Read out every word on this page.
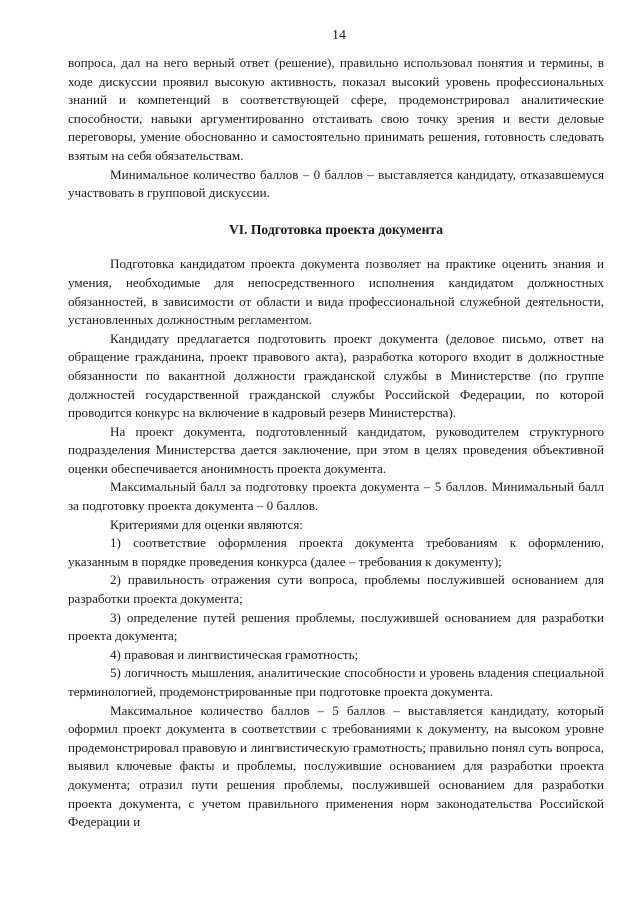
14

вопроса, дал на него верный ответ (решение), правильно использовал понятия и термины, в ходе дискуссии проявил высокую активность, показал высокий уровень профессиональных знаний и компетенций в соответствующей сфере, продемонстрировал аналитические способности, навыки аргументированно отстаивать свою точку зрения и вести деловые переговоры, умение обоснованно и самостоятельно принимать решения, готовность следовать взятым на себя обязательствам.

Минимальное количество баллов – 0 баллов – выставляется кандидату, отказавшемуся участвовать в групповой дискуссии.

VI. Подготовка проекта документа

Подготовка кандидатом проекта документа позволяет на практике оценить знания и умения, необходимые для непосредственного исполнения кандидатом должностных обязанностей, в зависимости от области и вида профессиональной служебной деятельности, установленных должностным регламентом.

Кандидату предлагается подготовить проект документа (деловое письмо, ответ на обращение гражданина, проект правового акта), разработка которого входит в должностные обязанности по вакантной должности гражданской службы в Министерстве (по группе должностей государственной гражданской службы Российской Федерации, по которой проводится конкурс на включение в кадровый резерв Министерства).

На проект документа, подготовленный кандидатом, руководителем структурного подразделения Министерства дается заключение, при этом в целях проведения объективной оценки обеспечивается анонимность проекта документа.

Максимальный балл за подготовку проекта документа – 5 баллов. Минимальный балл за подготовку проекта документа – 0 баллов.

Критериями для оценки являются:

1) соответствие оформления проекта документа требованиям к оформлению, указанным в порядке проведения конкурса (далее – требования к документу);

2) правильность отражения сути вопроса, проблемы послужившей основанием для разработки проекта документа;

3) определение путей решения проблемы, послужившей основанием для разработки проекта документа;

4) правовая и лингвистическая грамотность;

5) логичность мышления, аналитические способности и уровень владения специальной терминологией, продемонстрированные при подготовке проекта документа.

Максимальное количество баллов – 5 баллов – выставляется кандидату, который оформил проект документа в соответствии с требованиями к документу, на высоком уровне продемонстрировал правовую и лингвистическую грамотность; правильно понял суть вопроса, выявил ключевые факты и проблемы, послужившие основанием для разработки проекта документа; отразил пути решения проблемы, послужившей основанием для разработки проекта документа, с учетом правильного применения норм законодательства Российской Федерации и
